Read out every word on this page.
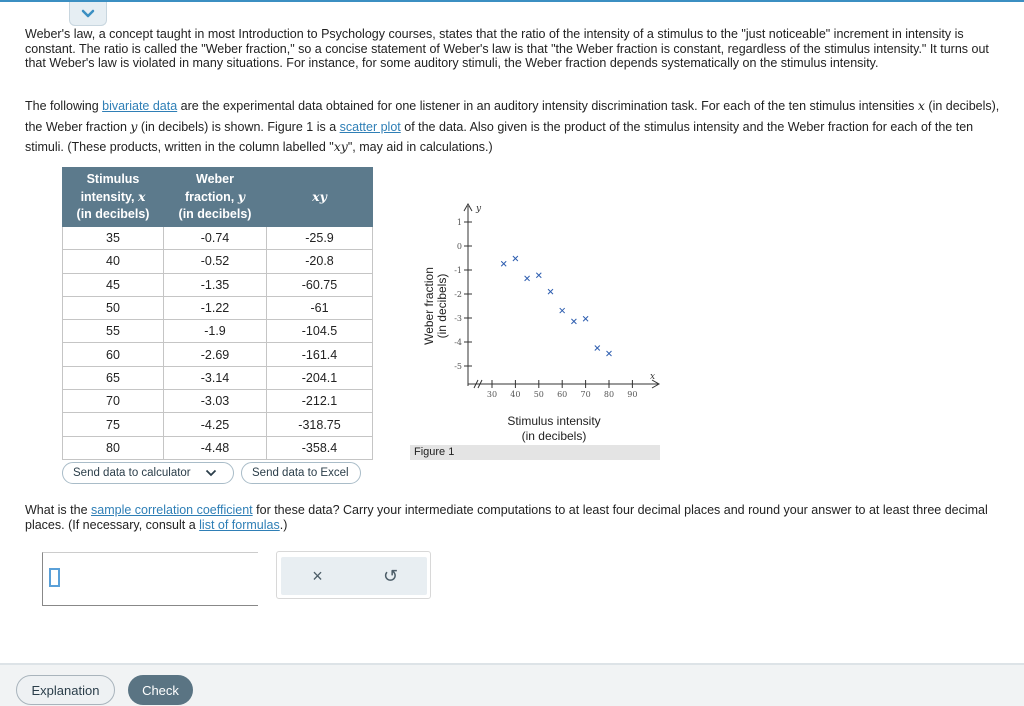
Weber's law, a concept taught in most Introduction to Psychology courses, states that the ratio of the intensity of a stimulus to the "just noticeable" increment in intensity is constant. The ratio is called the "Weber fraction," so a concise statement of Weber's law is that "the Weber fraction is constant, regardless of the stimulus intensity." It turns out that Weber's law is violated in many situations. For instance, for some auditory stimuli, the Weber fraction depends systematically on the stimulus intensity.

The following bivariate data are the experimental data obtained for one listener in an auditory intensity discrimination task. For each of the ten stimulus intensities x (in decibels), the Weber fraction y (in decibels) is shown. Figure 1 is a scatter plot of the data. Also given is the product of the stimulus intensity and the Weber fraction for each of the ten stimuli. (These products, written in the column labelled "xy", may aid in calculations.)

Stimulus
intensity, x
(in decibels)	Weber
fraction, y
(in decibels)	xy
35	-0.74	-25.9
40	-0.52	-20.8
45	-1.35	-60.75
50	-1.22	-61
55	-1.9	-104.5
60	-2.69	-161.4
65	-3.14	-204.1
70	-3.03	-212.1
75	-4.25	-318.75
80	-4.48	-358.4
Send data to calculator	Send data to Excel
y
x
1
0
-1
-2
-3
-4
-5
30 40 50 60 70 80 90
Weber fraction (in decibels)
Stimulus intensity
(in decibels)
Figure 1

What is the sample correlation coefficient for these data? Carry your intermediate computations to at least four decimal places and round your answer to at least three decimal places. (If necessary, consult a list of formulas.)

×	↺
Explanation	Check
